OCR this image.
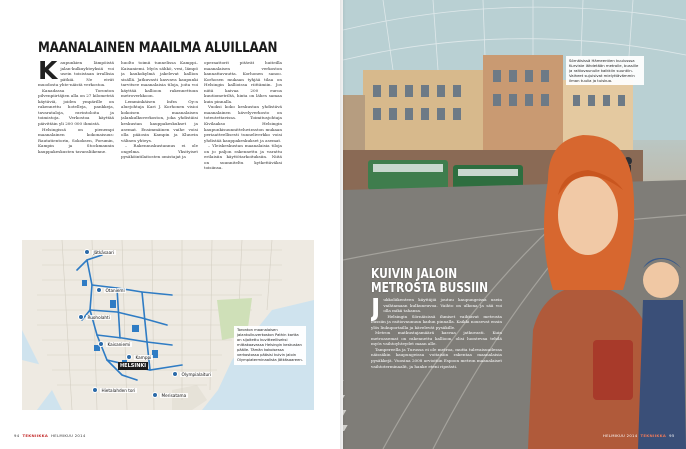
MAANALAINEN MAAILMA ALUILLAAN

Kaupunkien lämpöistä jalan-kulkuyhteyksiä voi usein toisistaan irrallisia pätkiä. Ne eivät muodosta yhte-näistä verkostoa.

Kanadassa Toronton pilvenpiirtäjien alla on 27 kilometriä käytäviä, joiden ympärille on rakennettu hotelleja, pankkeja, tavarataloja, ravintoloita ja toimistoja. Verkostoa käyttää päivittäin yli 200 000 ihmistä.

Helsingissä on pienempi maanalainen kokonaisuus: Rautatientorin, Sokoksen, Forumin, Kampin ja Stockmannin kauppakeskusten tavaraliikenne.

huolto toimii tunnelissa Kamppi–Kaisaniemi. Myös sähkö, vesi, lämpö ja kaukokylmä jakelevat kallion sisällä. Jatkuvasti kasvava kaupunki tarvitsee maanalaisia tiloja, joita voi käyttää kallioon rakennettuun metroverkkoon.

Lemminkäisen Infra Oy:n aluejohtaja Kari J. Korhonen visioi kokoisen maanalaisen jalankulkuverkoston, joka yhdistäisi keskustan kauppakeskukset ja asemat. Ensimmäinen vaihe voisi olla pääosin Kampin ja Kluuvin välinen yhteys.

– Rakennuskustannus ei ole ongelma. Yksityiset pysäköintilaitosten omistajat ja

operaattorit pitävät huiteilla maanalaisen verkoston kannattavuutta. Korhonen sanoo. Korhosen mukaan tyhjää tilaa on Helsingin kallioissa riittämiin. Jos niitä kaivaa 200 euroa kuutiometriltä, hinta on lähes samaa kuin pinnalla.

Vuoksi koko keskustan yhdistävä maanalainen kävelyverkosto on toteutettavissa. Toimitusjohtaja Kivilaakso Helsingin kaupunkisuunnitteluviraston mukaan periaatteellisesti tunneliverkko voisi yhdistää kauppakeskukset ja asemat.

– Yleiskeskustan maanalaisia tiloja on jo paljon rakennettu ja varattu erilaisiin käyttötarkoituksiin. Niitä on suunniteltu kytkettäväksi toisiinsa.

Jätkäsaari
Otaniemi
Ruoholahti
Kaisaniemi
Kamppi
Hietalahden tori
Merisatama
Olympialaituri
HELSINKI
Toronton maanalaisen jalankulkuverkoston Pathin kartta on sijoitettu kuvitteelliseksi mittakaavassa Helsingin keskustan päälle. Tämän kokoisessa verkostossa pääsisi kuivin jaloin Olympiaterminaalista Jätkäsaareen.
94 TEKNIIKKA HELMIKUU 2014
Sörnäisissä Hämeentien kuulusssa Kurviste lähdetään metrolle, bussille ja raitiovaunulle kaikkiin suuntiin. Vaiheet sujuisivat mielyttävämmin ilman tuulia ja tuiskua.
KUIVIN JALOIN
METROSTA BUSSIIN

Jukkoliikenteen käyttäjiä joutuu kaupungeissa usein vaihtamaan kulkuneuvoa. Vaihto on ulkona ja sää voi olla mikä tahansa.

Helsingin Sörnäisissä ihmiset vaihtavat metrosta bussiin ja raitiovaunuun kadun pinnalla. Kaikki nousevat ensin ylös liukuportailla ja kävelevät pysäkille.

Metron matkustajamäärä kasvaa jatkuvasti. Kuin metroasemat on rakennettu kallioon, olisi luontevaa tehdä myös vaihtoyhteydet maan alle.

Tampereella ja Turussa ei ole metroa, mutta tulevaisuudessa näissäkin kaupungeissa voitaisiin rakentaa maanalaisia pysäkkejä. Vuosina 2008 arvioitiin Espoon metron maanalaiset vaihtoterminaalit, ja hanke eteni ripeästi.

HELMIKUU 2014 TEKNIIKKA 95
